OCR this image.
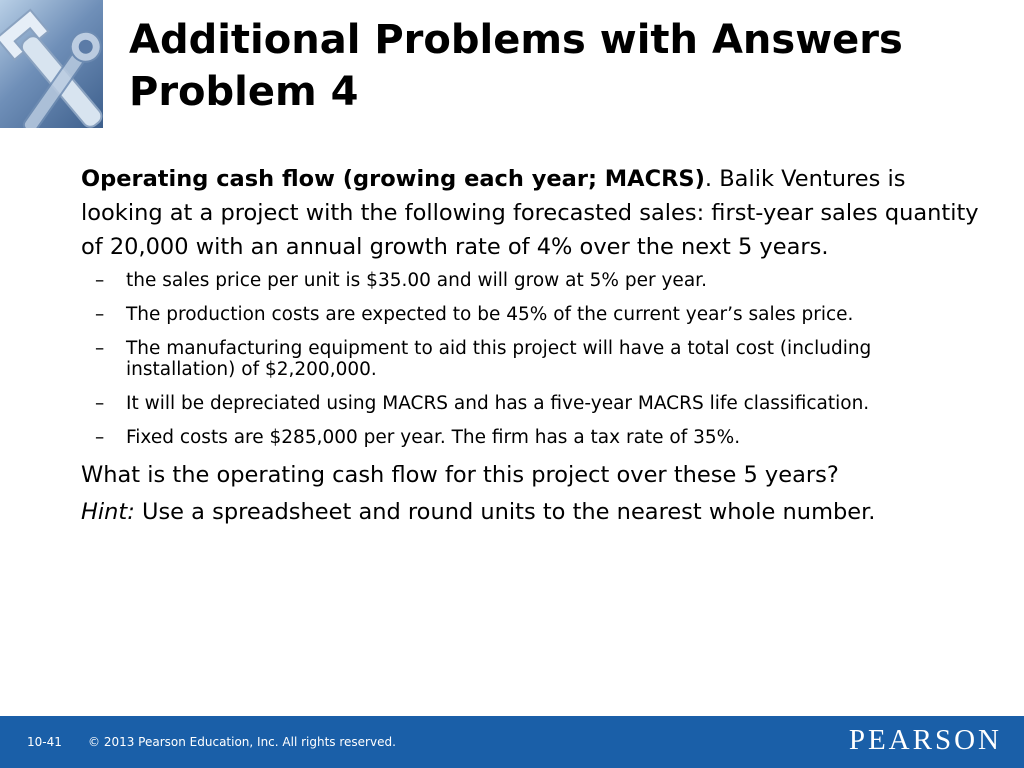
Additional Problems with Answers
Problem 4

Operating cash flow (growing each year; MACRS). Balik Ventures is looking at a project with the following forecasted sales: first-year sales quantity of 20,000 with an annual growth rate of 4% over the next 5 years.

– the sales price per unit is $35.00 and will grow at 5% per year.
– The production costs are expected to be 45% of the current year’s sales price.
– The manufacturing equipment to aid this project will have a total cost (including installation) of $2,200,000.
– It will be depreciated using MACRS and has a five-year MACRS life classification.
– Fixed costs are $285,000 per year. The firm has a tax rate of 35%.

What is the operating cash flow for this project over these 5 years?

Hint: Use a spreadsheet and round units to the nearest whole number.

10-41 © 2013 Pearson Education, Inc. All rights reserved.	PEARSON
